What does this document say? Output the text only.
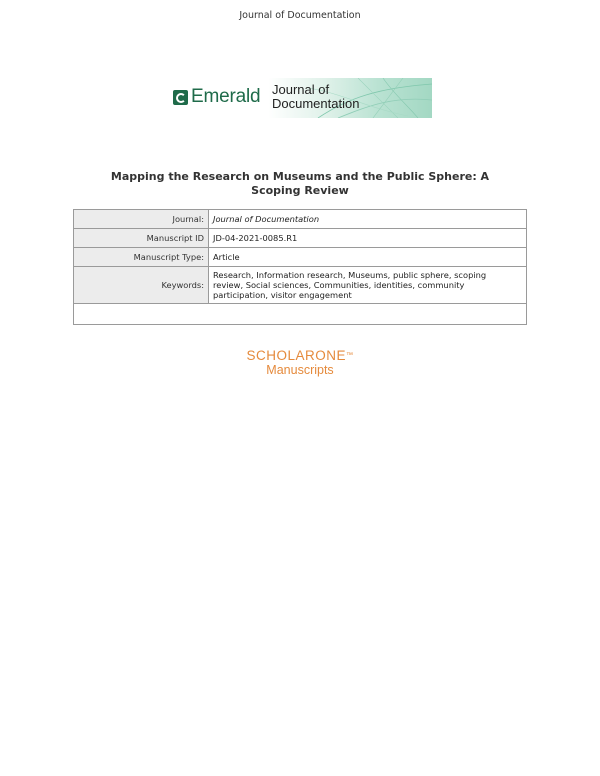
Journal of Documentation
Emerald Journal of
Documentation
Mapping the Research on Museums and the Public Sphere: A
Scoping Review
Journal:	Journal of Documentation
Manuscript ID	JD-04-2021-0085.R1
Manuscript Type:	Article
Keywords:	Research, Information research, Museums, public sphere, scoping
review, Social sciences, Communities, identities, community
participation, visitor engagement

SCHOLARONE™
Manuscripts
